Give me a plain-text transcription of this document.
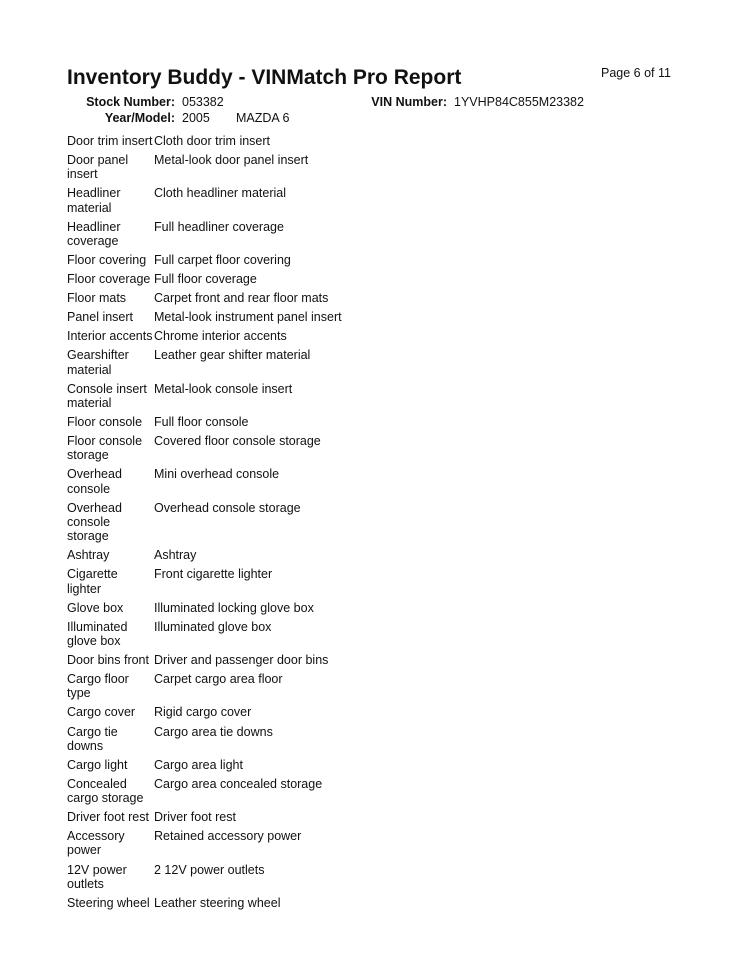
Inventory Buddy - VINMatch Pro Report	Page 6 of 11
Stock Number: 053382	VIN Number: 1YVHP84C855M23382
Year/Model: 2005 MAZDA 6
Door trim insert	Cloth door trim insert
Door panel insert	Metal-look door panel insert
Headliner material	Cloth headliner material
Headliner coverage	Full headliner coverage
Floor covering	Full carpet floor covering
Floor coverage	Full floor coverage
Floor mats	Carpet front and rear floor mats
Panel insert	Metal-look instrument panel insert
Interior accents	Chrome interior accents
Gearshifter material	Leather gear shifter material
Console insert material	Metal-look console insert
Floor console	Full floor console
Floor console storage	Covered floor console storage
Overhead console	Mini overhead console
Overhead console storage	Overhead console storage
Ashtray	Ashtray
Cigarette lighter	Front cigarette lighter
Glove box	Illuminated locking glove box
Illuminated glove box	Illuminated glove box
Door bins front	Driver and passenger door bins
Cargo floor type	Carpet cargo area floor
Cargo cover	Rigid cargo cover
Cargo tie downs	Cargo area tie downs
Cargo light	Cargo area light
Concealed cargo storage	Cargo area concealed storage
Driver foot rest	Driver foot rest
Accessory power	Retained accessory power
12V power outlets	2 12V power outlets
Steering wheel	Leather steering wheel
